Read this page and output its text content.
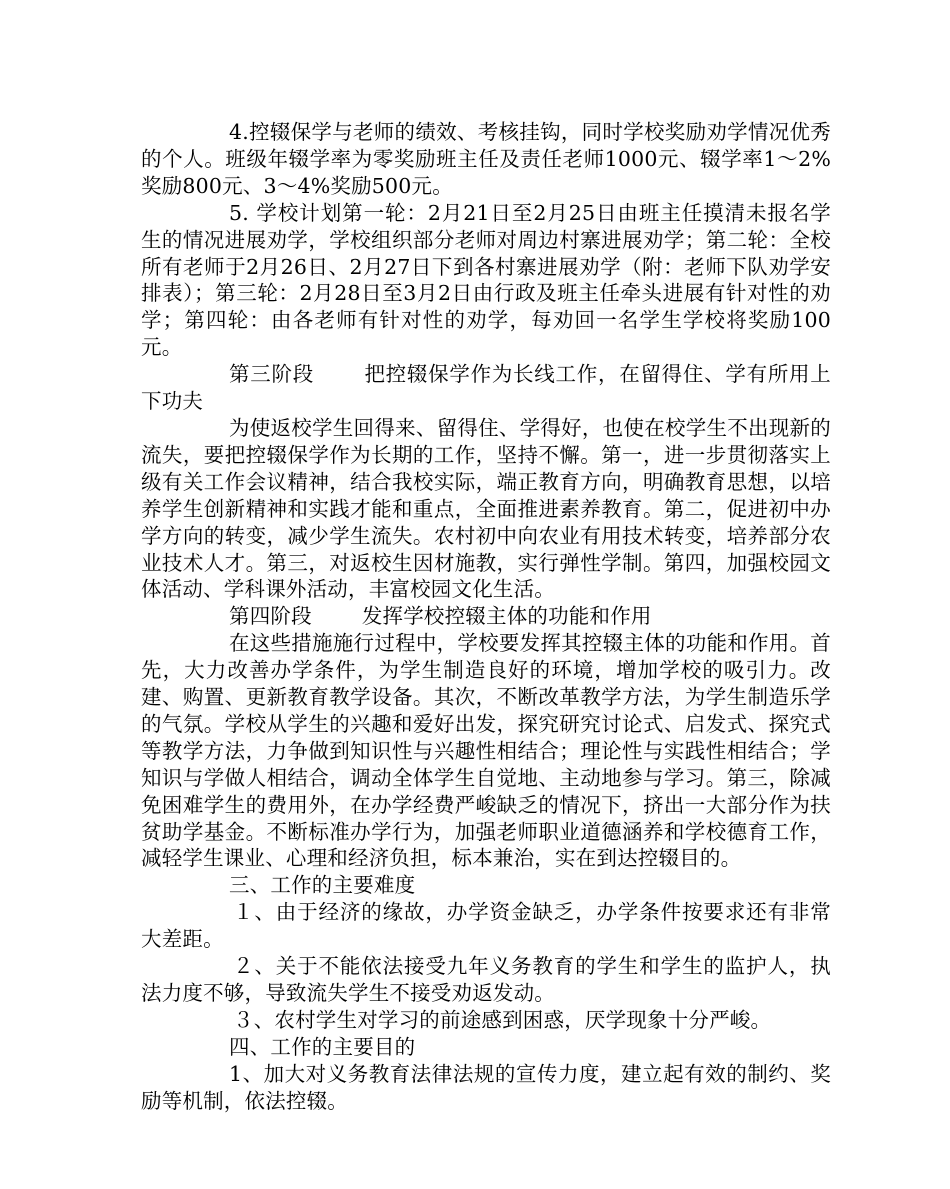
4.控辍保学与老师的绩效、考核挂钩，同时学校奖励劝学情况优秀的个人。班级年辍学率为零奖励班主任及责任老师1000元、辍学率1～2%奖励800元、3～4%奖励500元。

5. 学校计划第一轮：2月21日至2月25日由班主任摸清未报名学生的情况进展劝学，学校组织部分老师对周边村寨进展劝学；第二轮：全校所有老师于2月26日、2月27日下到各村寨进展劝学（附：老师下队劝学安排表）；第三轮：2月28日至3月2日由行政及班主任牵头进展有针对性的劝学；第四轮：由各老师有针对性的劝学，每劝回一名学生学校将奖励100元。

第三阶段 把控辍保学作为长线工作，在留得住、学有所用上下功夫

为使返校学生回得来、留得住、学得好，也使在校学生不出现新的流失，要把控辍保学作为长期的工作，坚持不懈。第一，进一步贯彻落实上级有关工作会议精神，结合我校实际，端正教育方向，明确教育思想，以培养学生创新精神和实践才能和重点，全面推进素养教育。第二，促进初中办学方向的转变，减少学生流失。农村初中向农业有用技术转变，培养部分农业技术人才。第三，对返校生因材施教，实行弹性学制。第四，加强校园文体活动、学科课外活动，丰富校园文化生活。

第四阶段 发挥学校控辍主体的功能和作用

在这些措施施行过程中，学校要发挥其控辍主体的功能和作用。首先，大力改善办学条件，为学生制造良好的环境，增加学校的吸引力。改建、购置、更新教育教学设备。其次，不断改革教学方法，为学生制造乐学的气氛。学校从学生的兴趣和爱好出发，探究研究讨论式、启发式、探究式等教学方法，力争做到知识性与兴趣性相结合；理论性与实践性相结合；学知识与学做人相结合，调动全体学生自觉地、主动地参与学习。第三，除减免困难学生的费用外，在办学经费严峻缺乏的情况下，挤出一大部分作为扶贫助学基金。不断标准办学行为，加强老师职业道德涵养和学校德育工作，减轻学生课业、心理和经济负担，标本兼治，实在到达控辍目的。

三、工作的主要难度

１、由于经济的缘故，办学资金缺乏，办学条件按要求还有非常大差距。

２、关于不能依法接受九年义务教育的学生和学生的监护人，执法力度不够，导致流失学生不接受劝返发动。

３、农村学生对学习的前途感到困惑，厌学现象十分严峻。

四、工作的主要目的

1、加大对义务教育法律法规的宣传力度，建立起有效的制约、奖励等机制，依法控辍。
